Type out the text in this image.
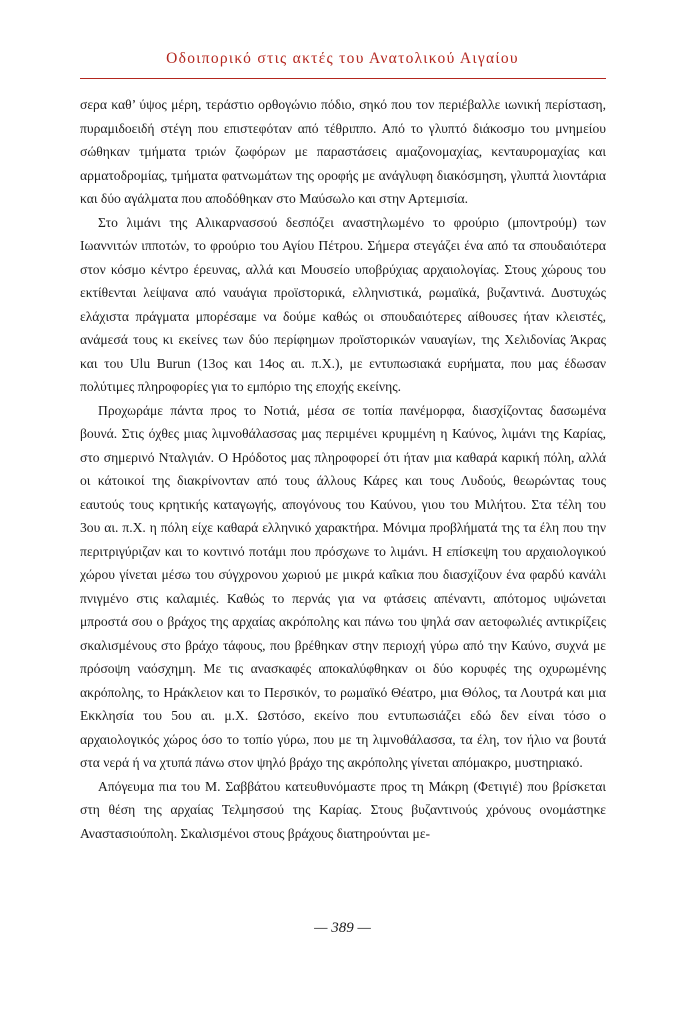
Οδοιπορικό στις ακτές του Ανατολικού Αιγαίου

σερα καθ’ ύψος μέρη, τεράστιο ορθογώνιο πόδιο, σηκό που τον περιέβαλλε ιωνική περίσταση, πυραμιδοειδή στέγη που επιστεφόταν από τέθριππο. Από το γλυπτό διάκοσμο του μνημείου σώθηκαν τμήματα τριών ζωφόρων με παραστάσεις αμαζονομαχίας, κενταυρομαχίας και αρματοδρομίας, τμήματα φατνωμάτων της οροφής με ανάγλυφη διακόσμηση, γλυπτά λιοντάρια και δύο αγάλματα που αποδόθηκαν στο Μαύσωλο και στην Αρτεμισία.

Στο λιμάνι της Αλικαρνασσού δεσπόζει αναστηλωμένο το φρούριο (μποντρούμ) των Ιωαννιτών ιπποτών, το φρούριο του Αγίου Πέτρου. Σήμερα στεγάζει ένα από τα σπουδαιότερα στον κόσμο κέντρο έρευνας, αλλά και Μουσείο υποβρύχιας αρχαιολογίας. Στους χώρους του εκτίθενται λείψανα από ναυάγια προϊστορικά, ελληνιστικά, ρωμαϊκά, βυζαντινά. Δυστυχώς ελάχιστα πράγματα μπορέσαμε να δούμε καθώς οι σπουδαιότερες αίθουσες ήταν κλειστές, ανάμεσά τους κι εκείνες των δύο περίφημων προϊστορικών ναυαγίων, της Χελιδονίας Άκρας και του Ulu Burun (13ος και 14ος αι. π.Χ.), με εντυπωσιακά ευρήματα, που μας έδωσαν πολύτιμες πληροφορίες για το εμπόριο της εποχής εκείνης.

Προχωράμε πάντα προς το Νοτιά, μέσα σε τοπία πανέμορφα, διασχίζοντας δασωμένα βουνά. Στις όχθες μιας λιμνοθάλασσας μας περιμένει κρυμμένη η Καύνος, λιμάνι της Καρίας, στο σημερινό Νταλγιάν. Ο Ηρόδοτος μας πληροφορεί ότι ήταν μια καθαρά καρική πόλη, αλλά οι κάτοικοί της διακρίνονταν από τους άλλους Κάρες και τους Λυδούς, θεωρώντας τους εαυτούς τους κρητικής καταγωγής, απογόνους του Καύνου, γιου του Μιλήτου. Στα τέλη του 3ου αι. π.Χ. η πόλη είχε καθαρά ελληνικό χαρακτήρα. Μόνιμα προβλήματά της τα έλη που την περιτριγύριζαν και το κοντινό ποτάμι που πρόσχωνε το λιμάνι. Η επίσκεψη του αρχαιολογικού χώρου γίνεται μέσω του σύγχρονου χωριού με μικρά καΐκια που διασχίζουν ένα φαρδύ κανάλι πνιγμένο στις καλαμιές. Καθώς το περνάς για να φτάσεις απέναντι, απότομος υψώνεται μπροστά σου ο βράχος της αρχαίας ακρόπολης και πάνω του ψηλά σαν αετοφωλιές αντικρίζεις σκαλισμένους στο βράχο τάφους, που βρέθηκαν στην περιοχή γύρω από την Καύνο, συχνά με πρόσοψη ναόσχημη. Με τις ανασκαφές αποκαλύφθηκαν οι δύο κορυφές της οχυρωμένης ακρόπολης, το Ηράκλειον και το Περσικόν, το ρωμαϊκό Θέατρο, μια Θόλος, τα Λουτρά και μια Εκκλησία του 5ου αι. μ.Χ. Ωστόσο, εκείνο που εντυπωσιάζει εδώ δεν είναι τόσο ο αρχαιολογικός χώρος όσο το τοπίο γύρω, που με τη λιμνοθάλασσα, τα έλη, τον ήλιο να βουτά στα νερά ή να χτυπά πάνω στον ψηλό βράχο της ακρόπολης γίνεται απόμακρο, μυστηριακό.

Απόγευμα πια του Μ. Σαββάτου κατευθυνόμαστε προς τη Μάκρη (Φετιγιέ) που βρίσκεται στη θέση της αρχαίας Τελμησσού της Καρίας. Στους βυζαντινούς χρόνους ονομάστηκε Αναστασιούπολη. Σκαλισμένοι στους βράχους διατηρούνται με-

— 389 —
